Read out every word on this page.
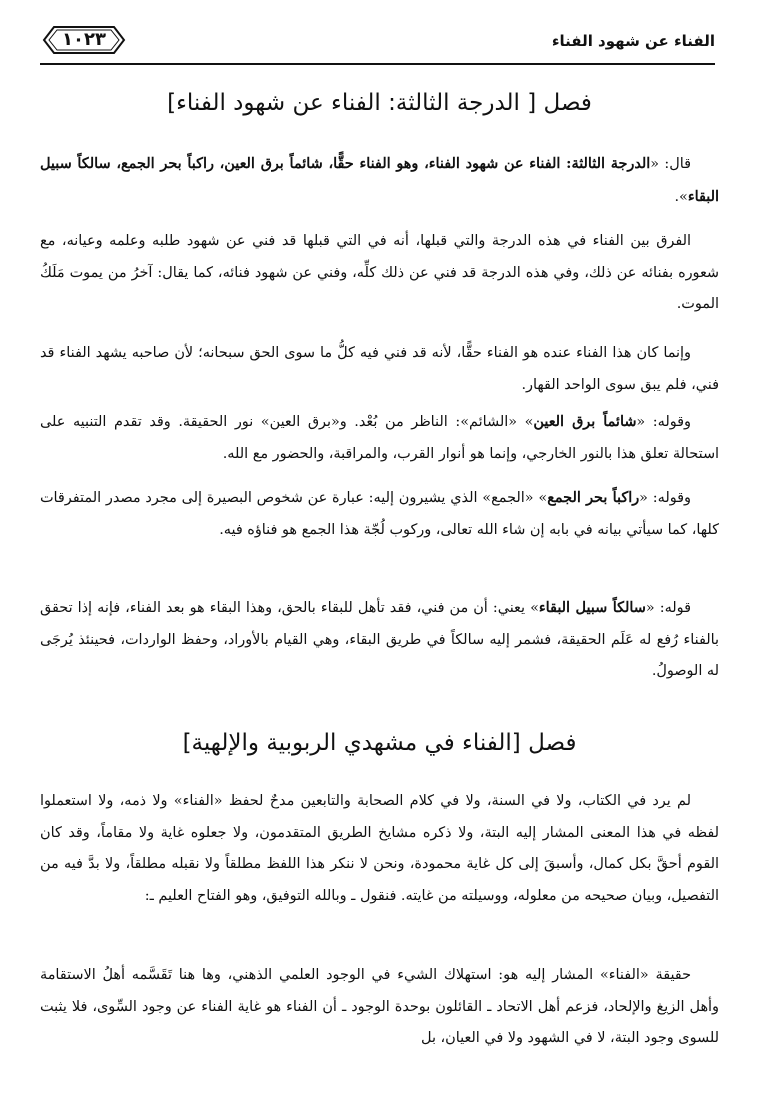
الفناء عن شهود الفناء
١٠٢٣
فصل [ الدرجة الثالثة: الفناء عن شهود الفناء]
قال: «الدرجة الثالثة: الفناء عن شهود الفناء، وهو الفناء حقًّا، شائماً برق العين، راكباً بحر الجمع، سالكاً سبيل البقاء».
الفرق بين الفناء في هذه الدرجة والتي قبلها، أنه في التي قبلها قد فني عن شهود طلبه وعلمه وعيانه، مع شعوره بفنائه عن ذلك، وفي هذه الدرجة قد فني عن ذلك كلِّه، وفني عن شهود فنائه، كما يقال: آخرُ من يموت مَلَكُ الموت.
وإنما كان هذا الفناء عنده هو الفناء حقًّا، لأنه قد فني فيه كلُّ ما سوى الحق سبحانه؛ لأن صاحبه يشهد الفناء قد فني، فلم يبق سوى الواحد القهار.
وقوله: «شائماً برق العين» «الشائم»: الناظر من بُعْد. و«برق العين» نور الحقيقة. وقد تقدم التنبيه على استحالة تعلق هذا بالنور الخارجي، وإنما هو أنوار القرب، والمراقبة، والحضور مع الله.
وقوله: «راكباً بحر الجمع» «الجمع» الذي يشيرون إليه: عبارة عن شخوص البصيرة إلى مجرد مصدر المتفرقات كلها، كما سيأتي بيانه في بابه إن شاء الله تعالى، وركوب لُجّة هذا الجمع هو فناؤه فيه.
قوله: «سالكاً سبيل البقاء» يعني: أن من فني، فقد تأهل للبقاء بالحق، وهذا البقاء هو بعد الفناء، فإنه إذا تحقق بالفناء رُفع له عَلَم الحقيقة، فشمر إليه سالكاً في طريق البقاء، وهي القيام بالأوراد، وحفظ الواردات، فحينئذ يُرجَى له الوصولُ.
فصل [الفناء في مشهدي الربوبية والإلهية]
لم يرد في الكتاب، ولا في السنة، ولا في كلام الصحابة والتابعين مدحٌ لحفظ «الفناء» ولا ذمه، ولا استعملوا لفظه في هذا المعنى المشار إليه البتة، ولا ذكره مشايخ الطريق المتقدمون، ولا جعلوه غاية ولا مقاماً، وقد كان القوم أحقَّ بكل كمال، وأسبقَ إلى كل غاية محمودة، ونحن لا ننكر هذا اللفظ مطلقاً ولا نقبله مطلقاً، ولا بدَّ فيه من التفصيل، وبيان صحيحه من معلوله، ووسيلته من غايته. فنقول ـ وبالله التوفيق، وهو الفتاح العليم ـ:
حقيقة «الفناء» المشار إليه هو: استهلاك الشيء في الوجود العلمي الذهني، وها هنا تَقَسَّمه أهلُ الاستقامة وأهل الزيغ والإلحاد، فزعم أهل الاتحاد ـ القائلون بوحدة الوجود ـ أن الفناء هو غاية الفناء عن وجود السِّوى، فلا يثبت للسوى وجود البتة، لا في الشهود ولا في العيان، بل
